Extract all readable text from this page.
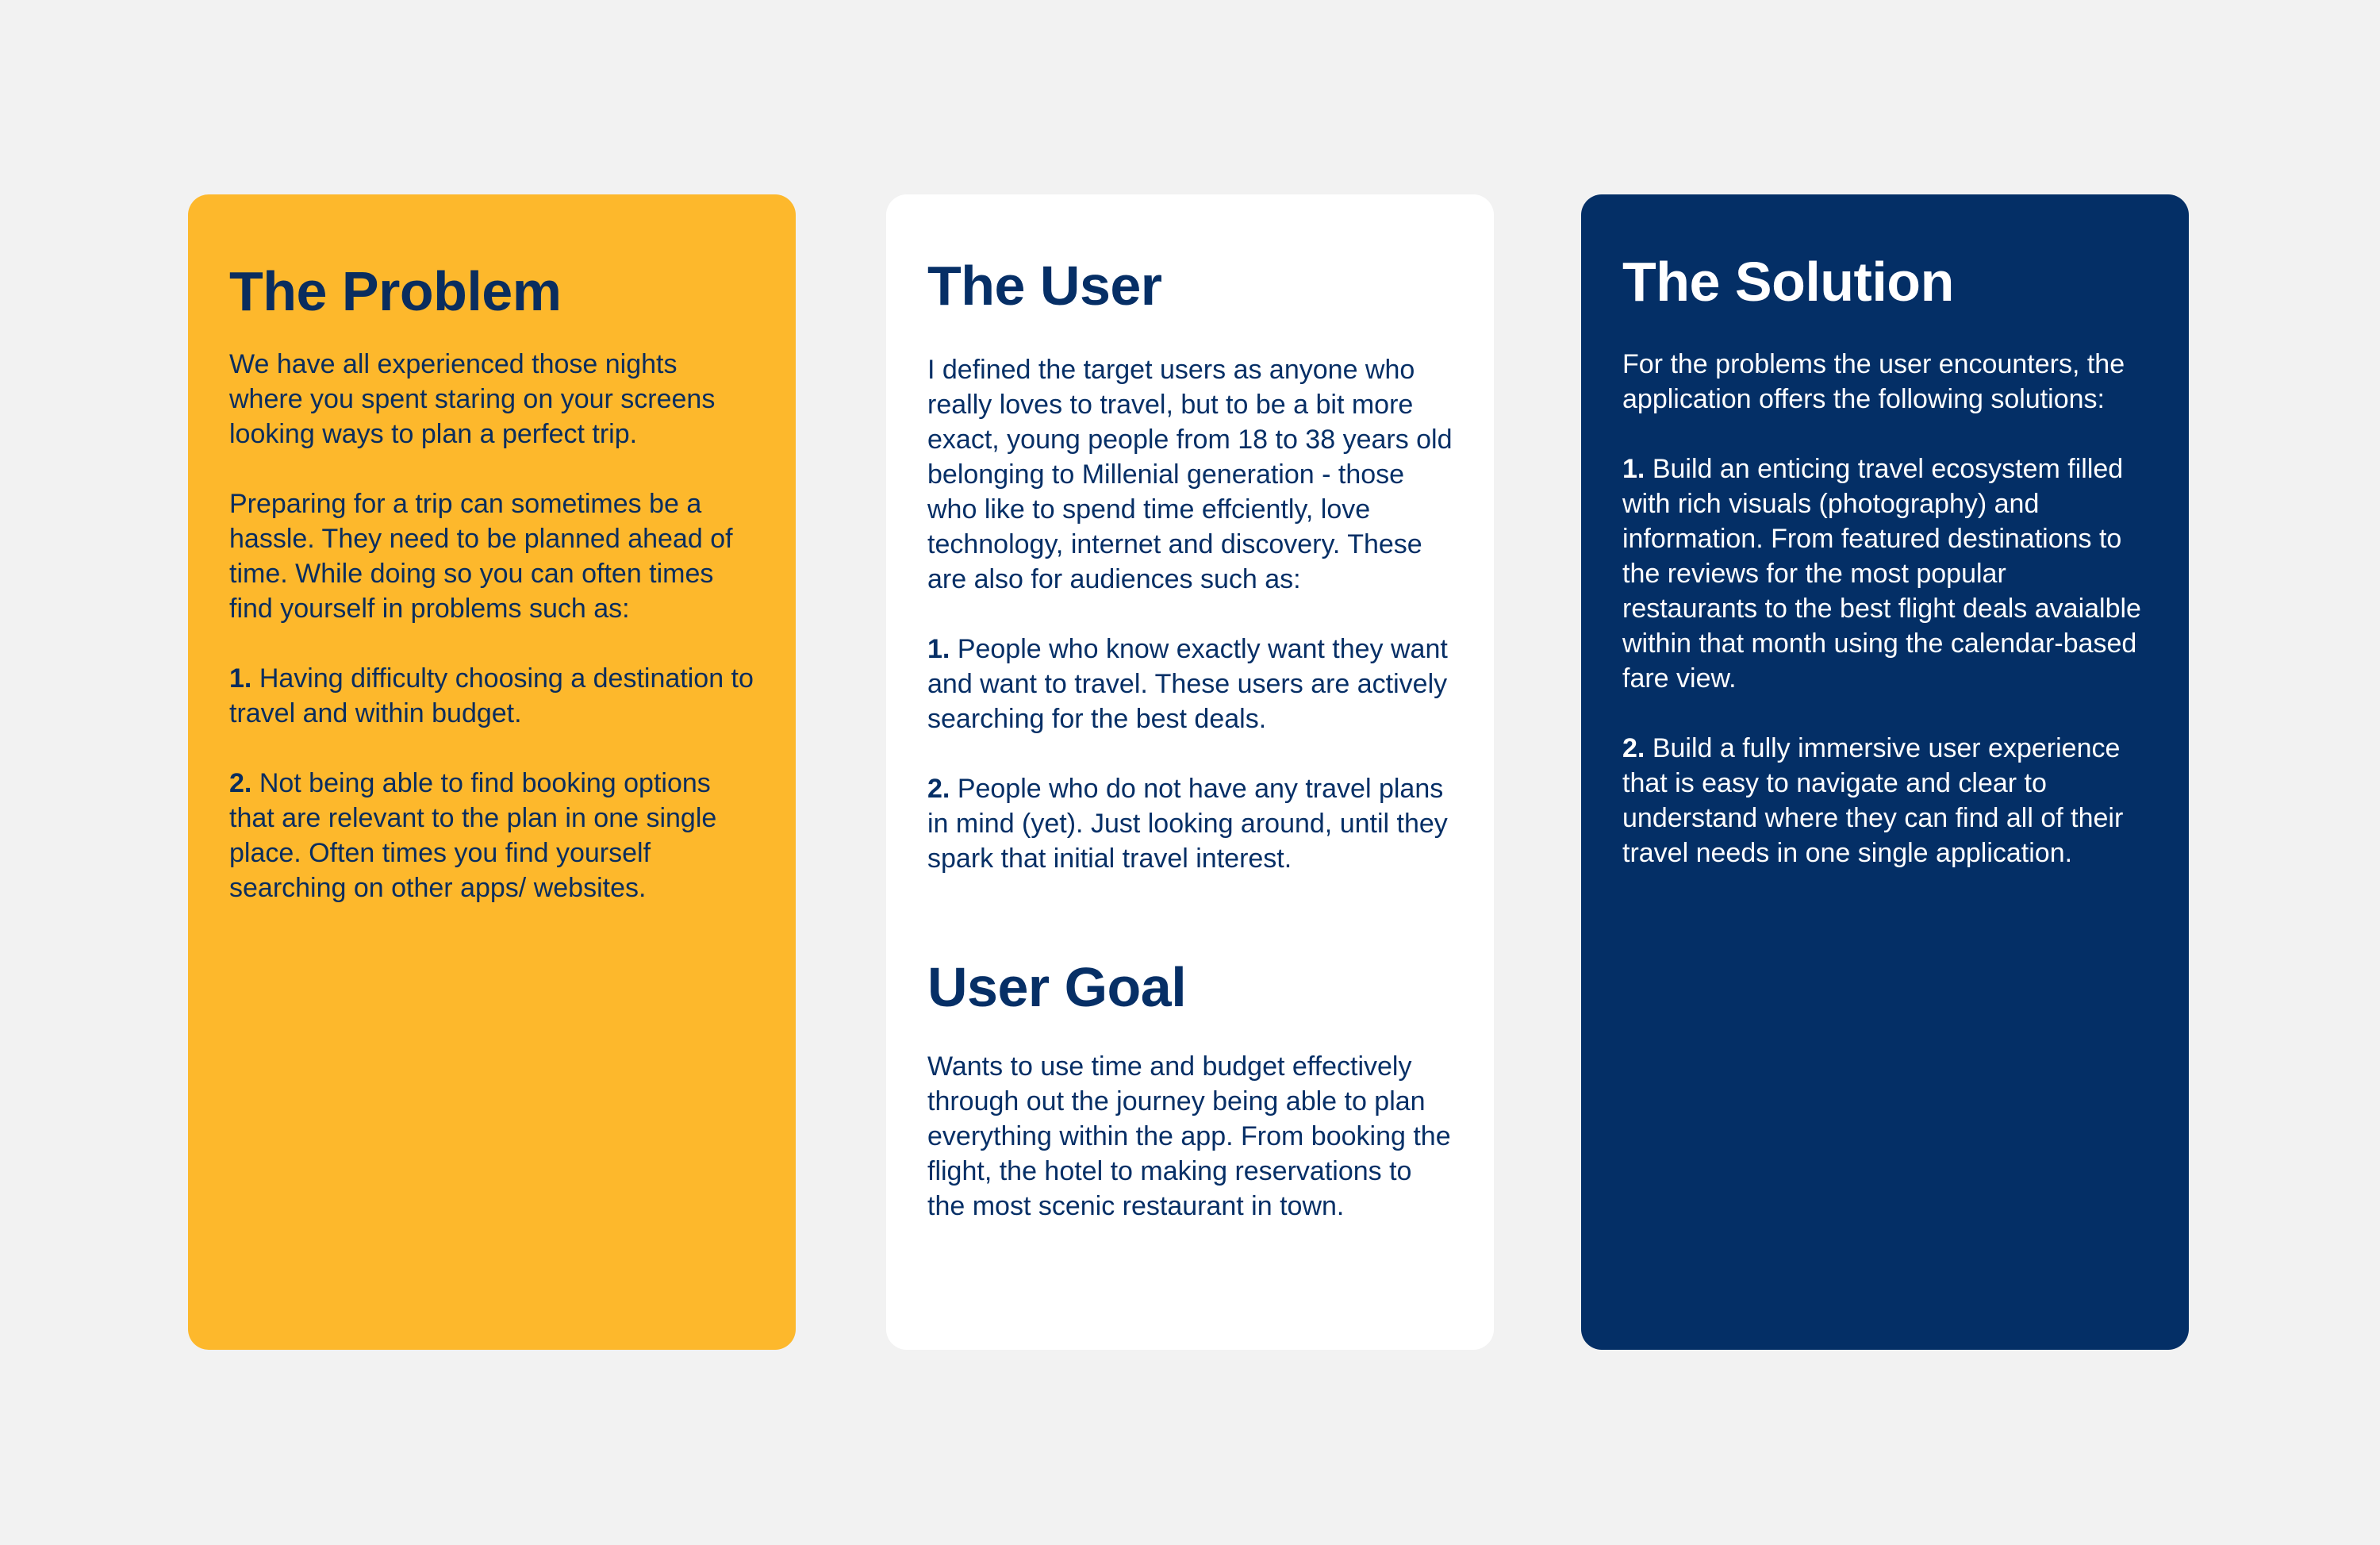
The Problem

We have all experienced those nights where you spent staring on your screens looking ways to plan a perfect trip.

Preparing for a trip can sometimes be a hassle. They need to be planned ahead of time. While doing so you can often times find yourself in problems such as:

1. Having difficulty choosing a destination to travel and within budget.

2. Not being able to find booking options that are relevant to the plan in one single place. Often times you find yourself searching on other apps/ websites.

The User

I defined the target users as anyone who really loves to travel, but to be a bit more exact, young people from 18 to 38 years old belonging to Millenial generation - those who like to spend time effciently, love technology, internet and discovery. These are also for audiences such as:

1. People who know exactly want they want and want to travel. These users are actively searching for the best deals.

2. People who do not have any travel plans in mind (yet). Just looking around, until they spark that initial travel interest.

User Goal

Wants to use time and budget effectively through out the journey being able to plan everything within the app. From booking the flight, the hotel to making reservations to the most scenic restaurant in town.

The Solution

For the problems the user encounters, the application offers the following solutions:

1. Build an enticing travel ecosystem filled with rich visuals (photography) and information. From featured destinations to the reviews for the most popular restaurants to the best flight deals avaialble within that month using the calendar-based fare view.

2. Build a fully immersive user experience that is easy to navigate and clear to understand where they can find all of their travel needs in one single application.
